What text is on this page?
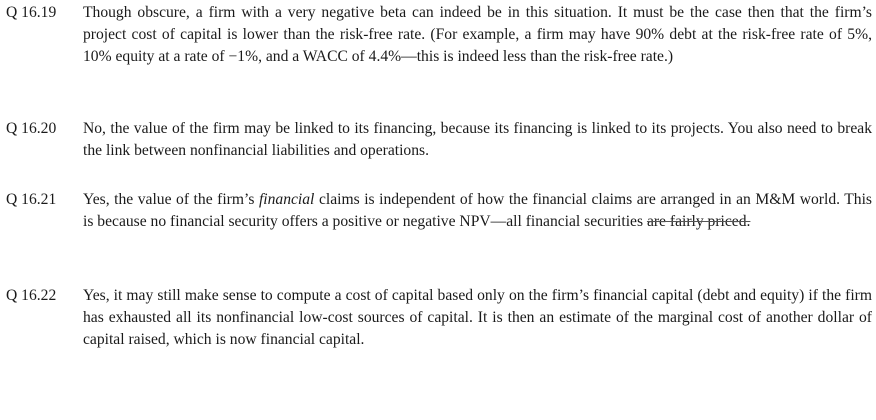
Q 16.19	Though obscure, a firm with a very negative beta can indeed be in this situation. It must be the case then that the firm’s project cost of capital is lower than the risk-free rate. (For example, a firm may have 90% debt at the risk-free rate of 5%, 10% equity at a rate of −1%, and a WACC of 4.4%—this is indeed less than the risk-free rate.)
Q 16.20	No, the value of the firm may be linked to its financing, because its financing is linked to its projects. You also need to break the link between nonfinancial liabilities and operations.
Q 16.21	Yes, the value of the firm’s financial claims is independent of how the financial claims are arranged in an M&M world. This is because no financial security offers a positive or negative NPV—all financial securities are fairly priced.
Q 16.22	Yes, it may still make sense to compute a cost of capital based only on the firm’s financial capital (debt and equity) if the firm has exhausted all its nonfinancial low-cost sources of capital. It is then an estimate of the marginal cost of another dollar of capital raised, which is now financial capital.
